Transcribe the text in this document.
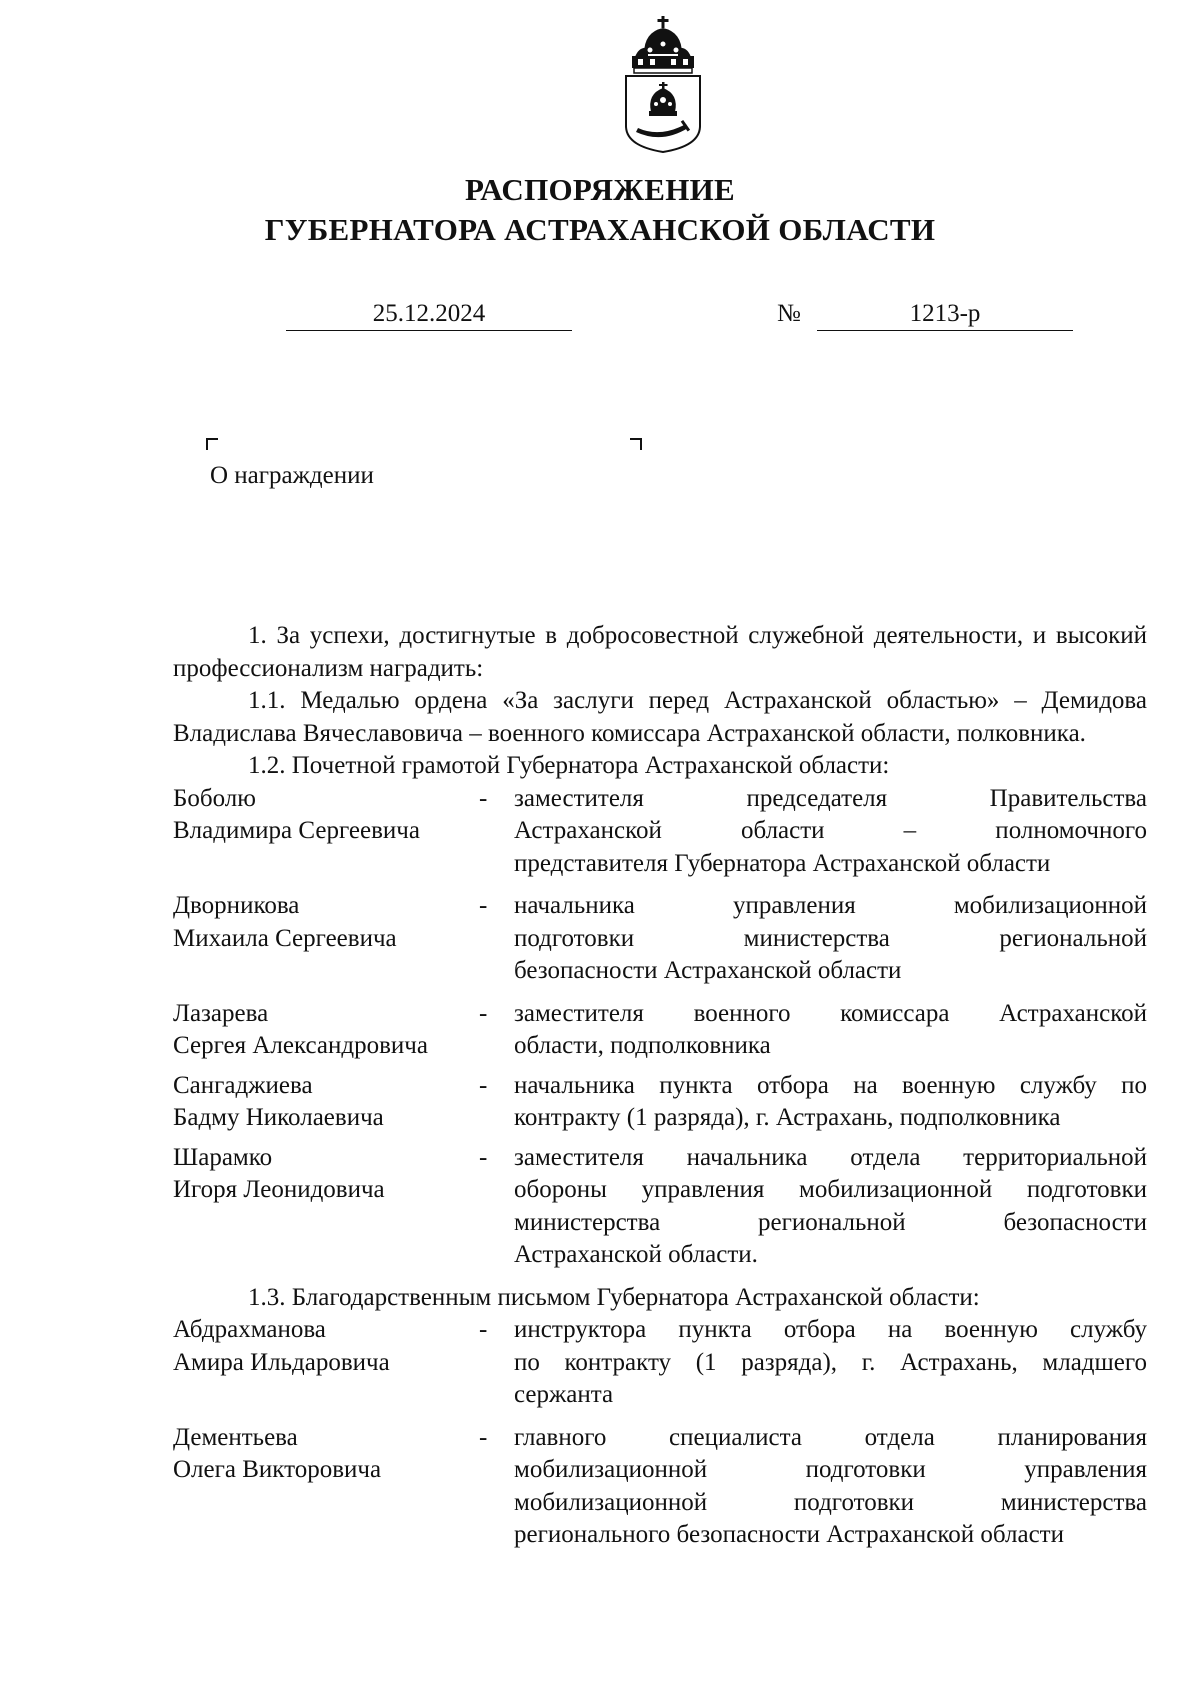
РАСПОРЯЖЕНИЕ
ГУБЕРНАТОРА АСТРАХАНСКОЙ ОБЛАСТИ
25.12.2024	№	1213-р
О награждении

1. За успехи, достигнутые в добросовестной служебной деятельности, и высокий профессионализм наградить:

1.1. Медалью ордена «За заслуги перед Астраханской областью» – Демидова Владислава Вячеславовича – военного комиссара Астраханской области, полковника.

1.2. Почетной грамотой Губернатора Астраханской области:

Боболю
Владимира Сергеевича
-	заместителя председателя Правительства
Астраханской области – полномочного
представителя Губернатора Астраханской области
Дворникова
Михаила Сергеевича
-	начальника управления мобилизационной
подготовки министерства региональной
безопасности Астраханской области
Лазарева
Сергея Александровича
-	заместителя военного комиссара Астраханской
области, подполковника
Сангаджиева
Бадму Николаевича
-	начальника пункта отбора на военную службу по
контракту (1 разряда), г. Астрахань, подполковника
Шарамко
Игоря Леонидовича
-	заместителя начальника отдела территориальной
обороны управления мобилизационной подготовки
министерства региональной безопасности
Астраханской области.

1.3. Благодарственным письмом Губернатора Астраханской области:

Абдрахманова
Амира Ильдаровича
-	инструктора пункта отбора на военную службу
по контракту (1 разряда), г. Астрахань, младшего
сержанта
Дементьева
Олега Викторовича
-	главного специалиста отдела планирования
мобилизационной подготовки управления
мобилизационной подготовки министерства
регионального безопасности Астраханской области
